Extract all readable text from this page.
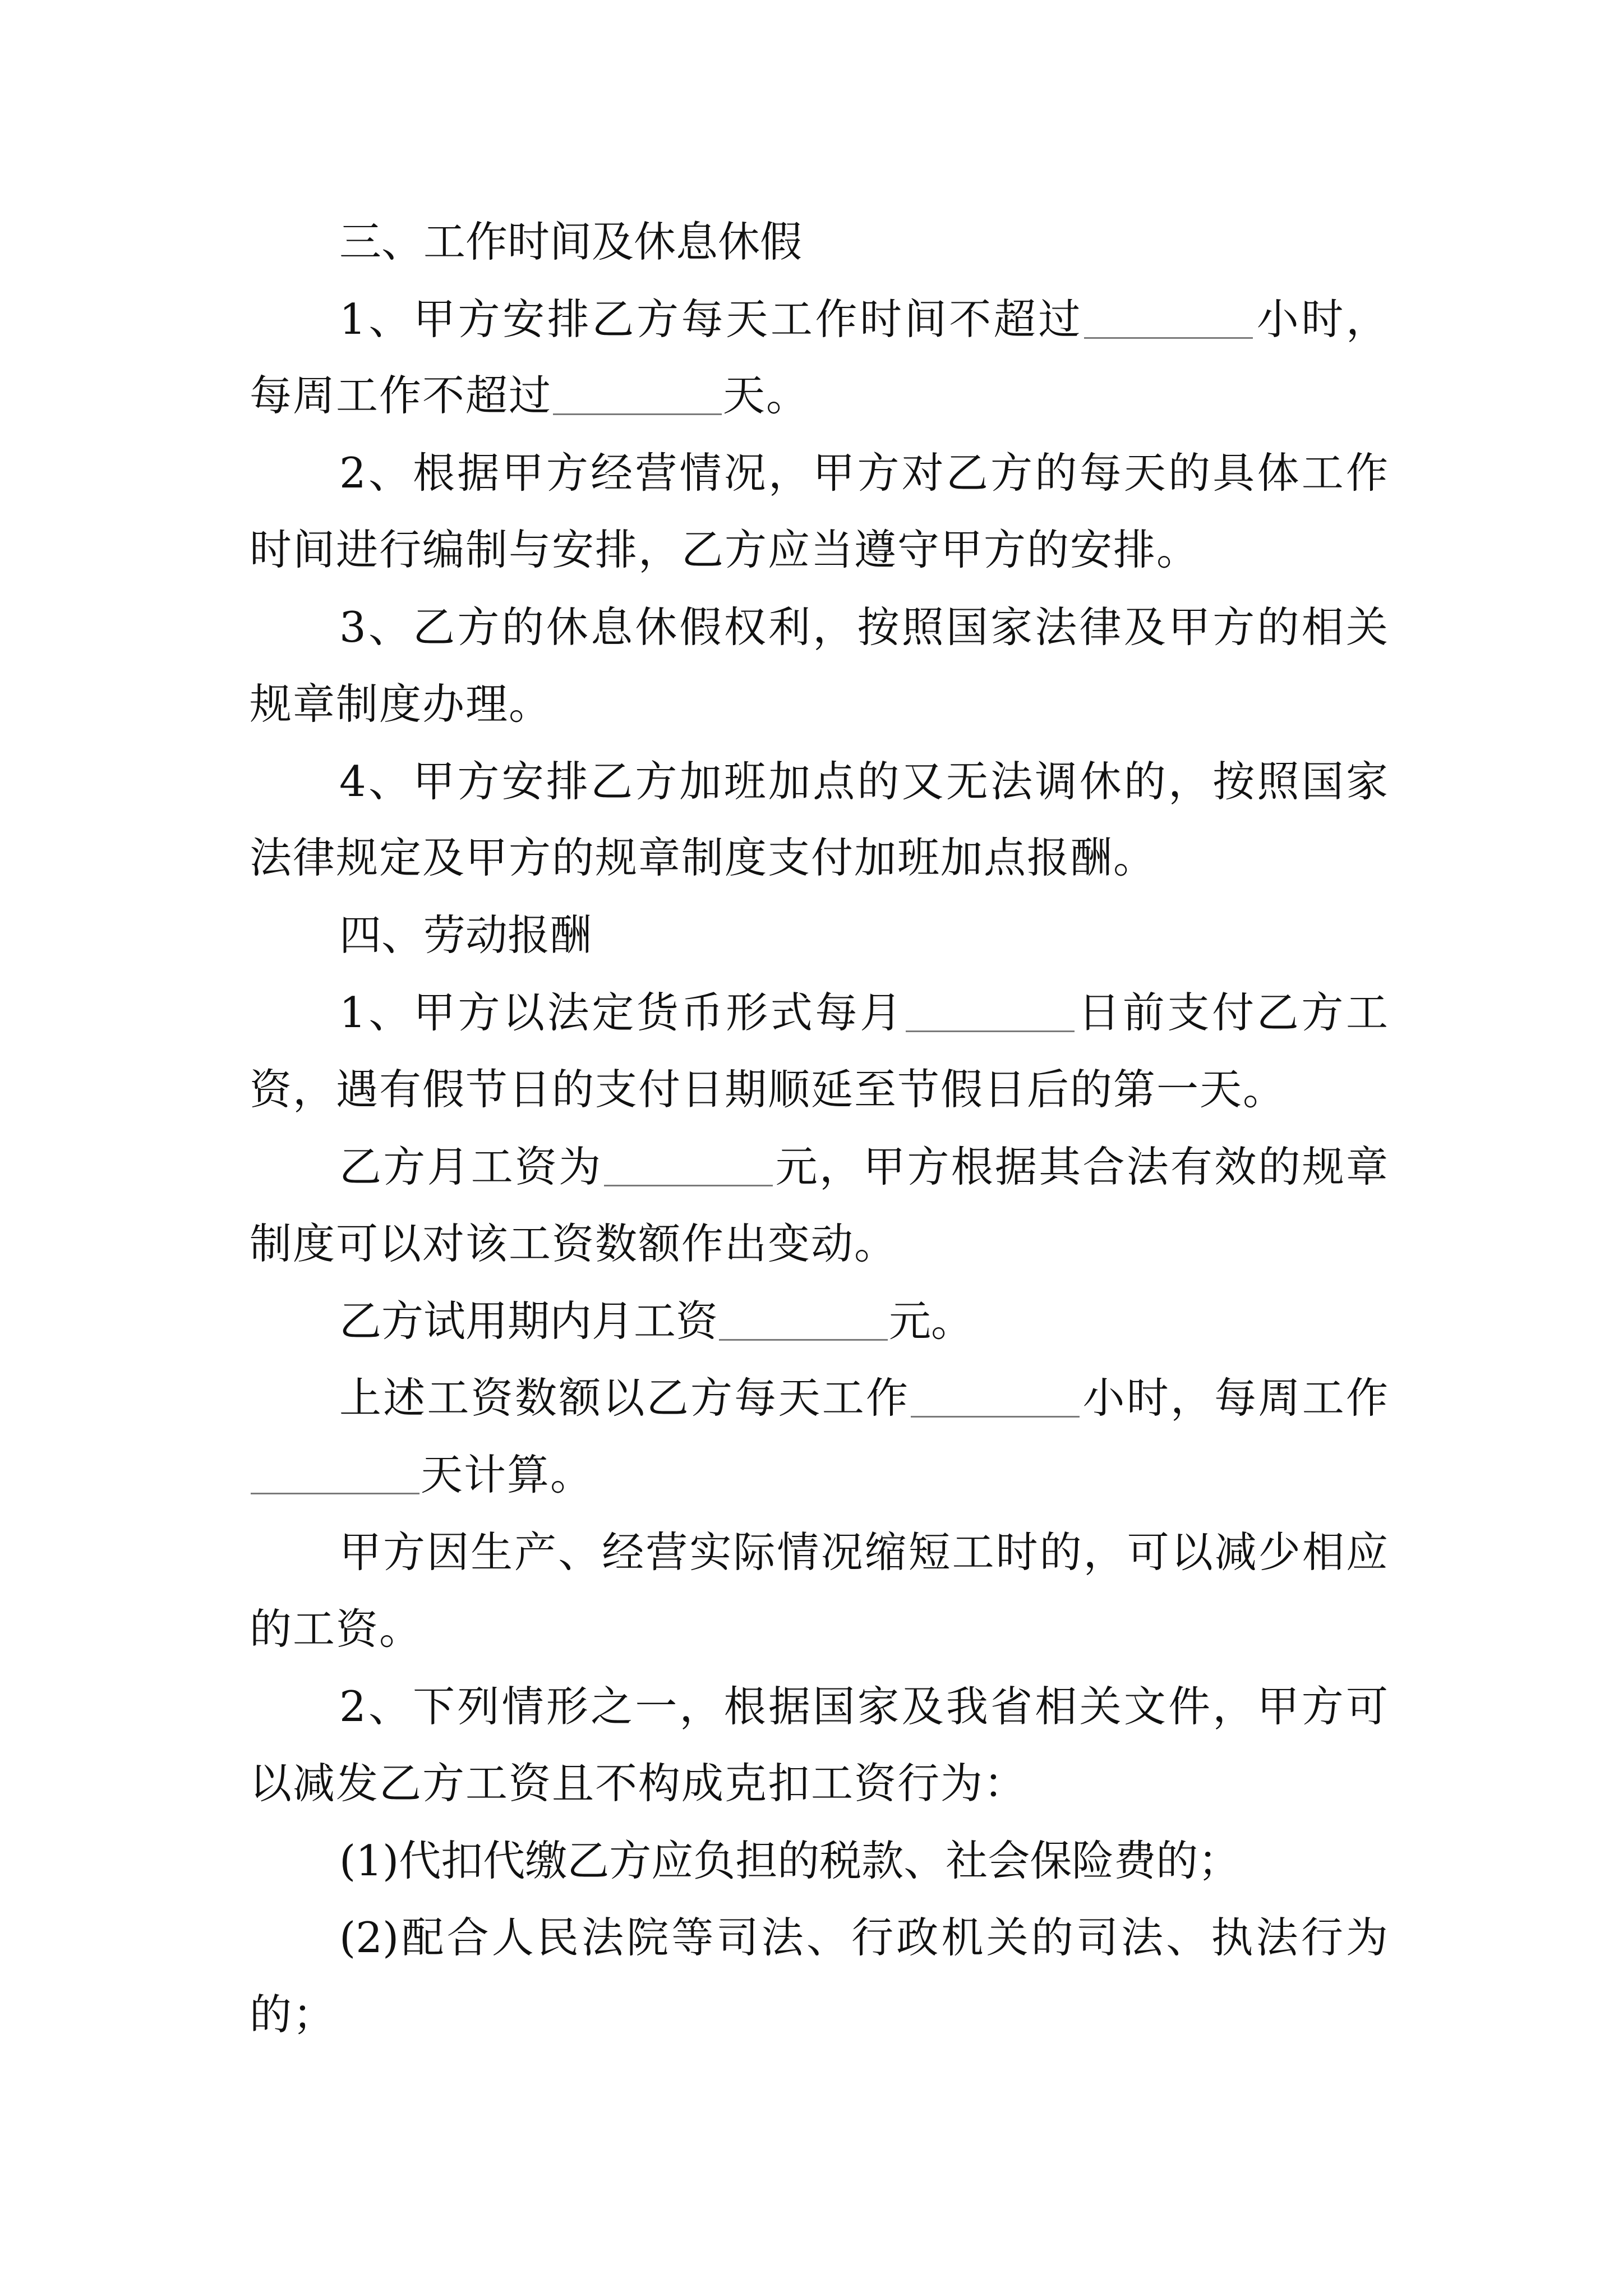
三、工作时间及休息休假
1、甲方安排乙方每天工作时间不超过	小时，
每周工作不超过	天。
2、根据甲方经营情况，甲方对乙方的每天的具体工作
时间进行编制与安排，乙方应当遵守甲方的安排。
3、乙方的休息休假权利，按照国家法律及甲方的相关
规章制度办理。
4、甲方安排乙方加班加点的又无法调休的，按照国家
法律规定及甲方的规章制度支付加班加点报酬。
四、劳动报酬
1、甲方以法定货币形式每月	日前支付乙方工
资，遇有假节日的支付日期顺延至节假日后的第一天。
乙方月工资为	元，甲方根据其合法有效的规章
制度可以对该工资数额作出变动。
乙方试用期内月工资	元。
上述工资数额以乙方每天工作	小时，每周工作
天计算。
甲方因生产、经营实际情况缩短工时的，可以减少相应
的工资。
2、下列情形之一，根据国家及我省相关文件，甲方可
以减发乙方工资且不构成克扣工资行为：
(1)代扣代缴乙方应负担的税款、社会保险费的；
(2)配合人民法院等司法、行政机关的司法、执法行为
的；
